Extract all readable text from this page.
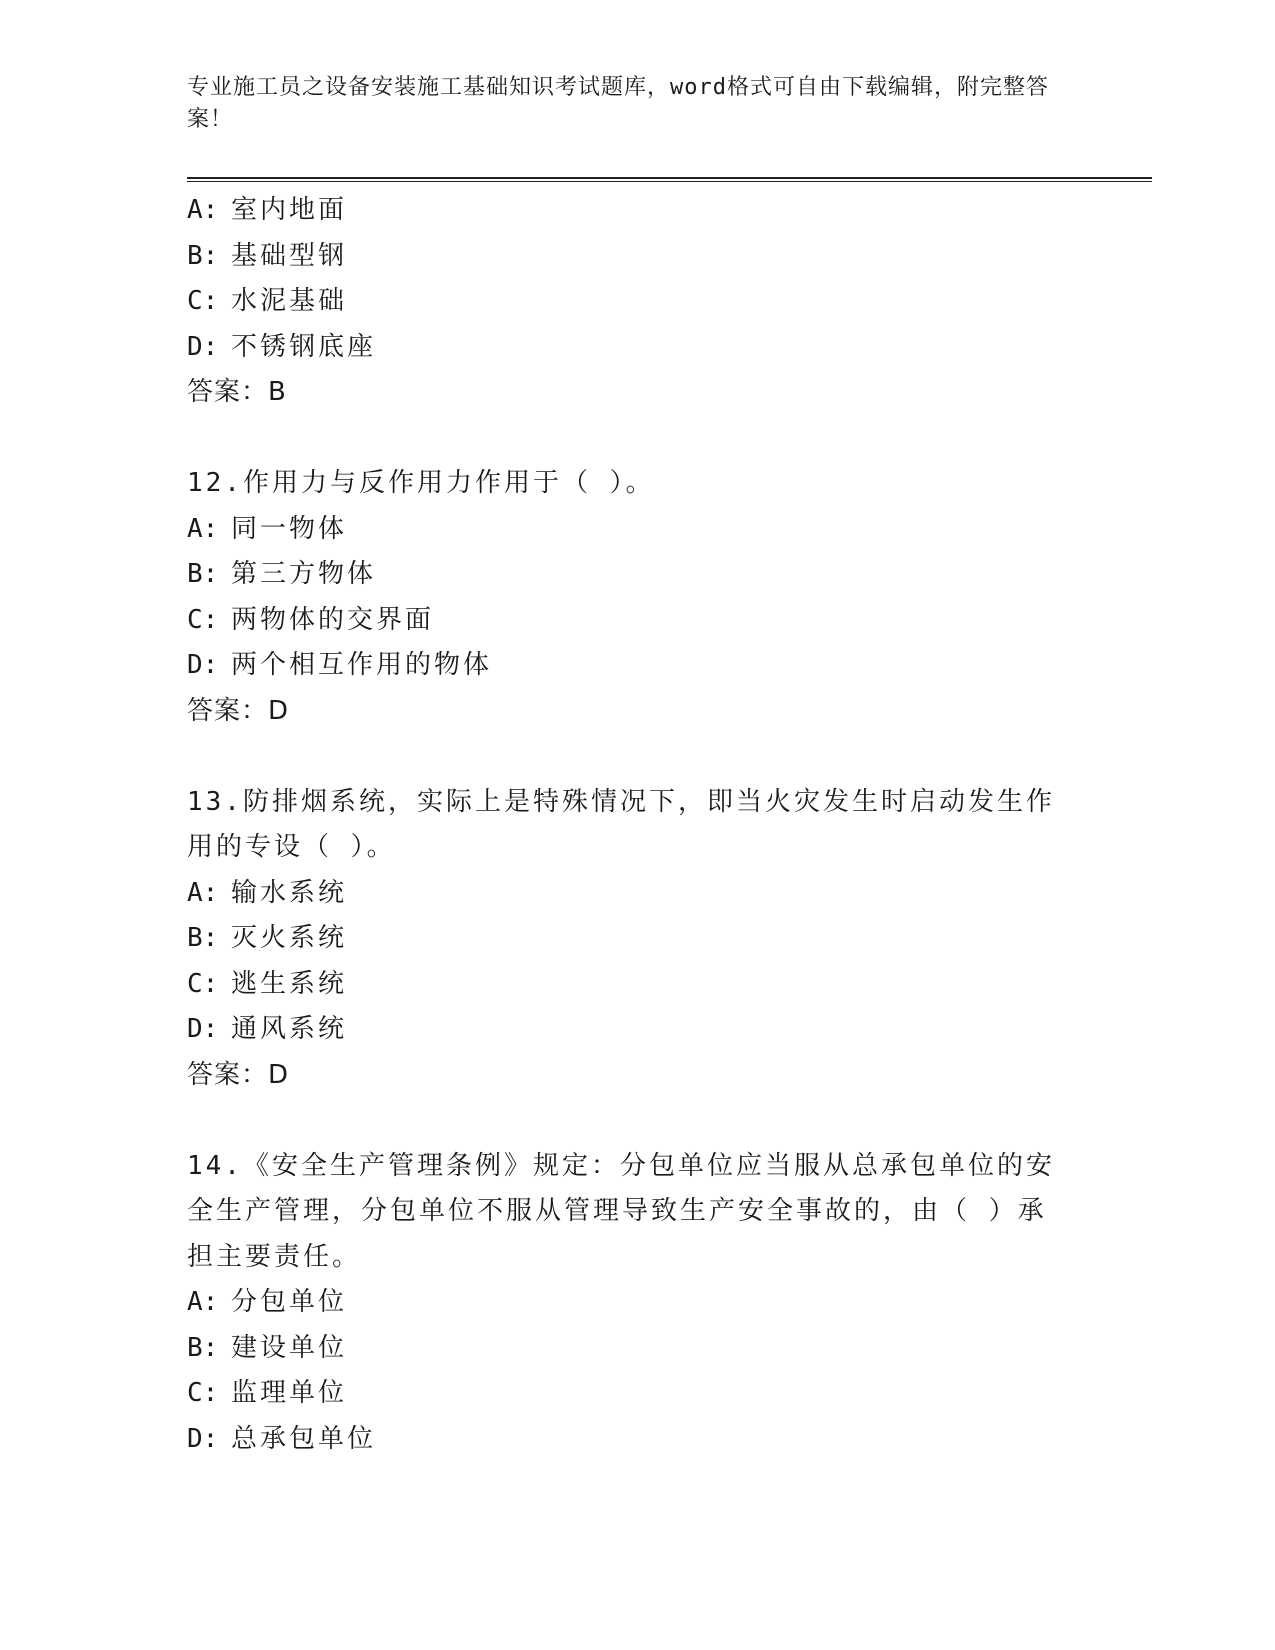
专业施工员之设备安装施工基础知识考试题库，word格式可自由下载编辑，附完整答案！
A: 室内地面
B: 基础型钢
C: 水泥基础
D: 不锈钢底座
答案：B
12.作用力与反作用力作用于（ ）。
A: 同一物体
B: 第三方物体
C: 两物体的交界面
D: 两个相互作用的物体
答案：D
13.防排烟系统，实际上是特殊情况下，即当火灾发生时启动发生作用的专设（ ）。
A: 输水系统
B: 灭火系统
C: 逃生系统
D: 通风系统
答案：D
14.《安全生产管理条例》规定：分包单位应当服从总承包单位的安全生产管理，分包单位不服从管理导致生产安全事故的，由（ ）承担主要责任。
A: 分包单位
B: 建设单位
C: 监理单位
D: 总承包单位
